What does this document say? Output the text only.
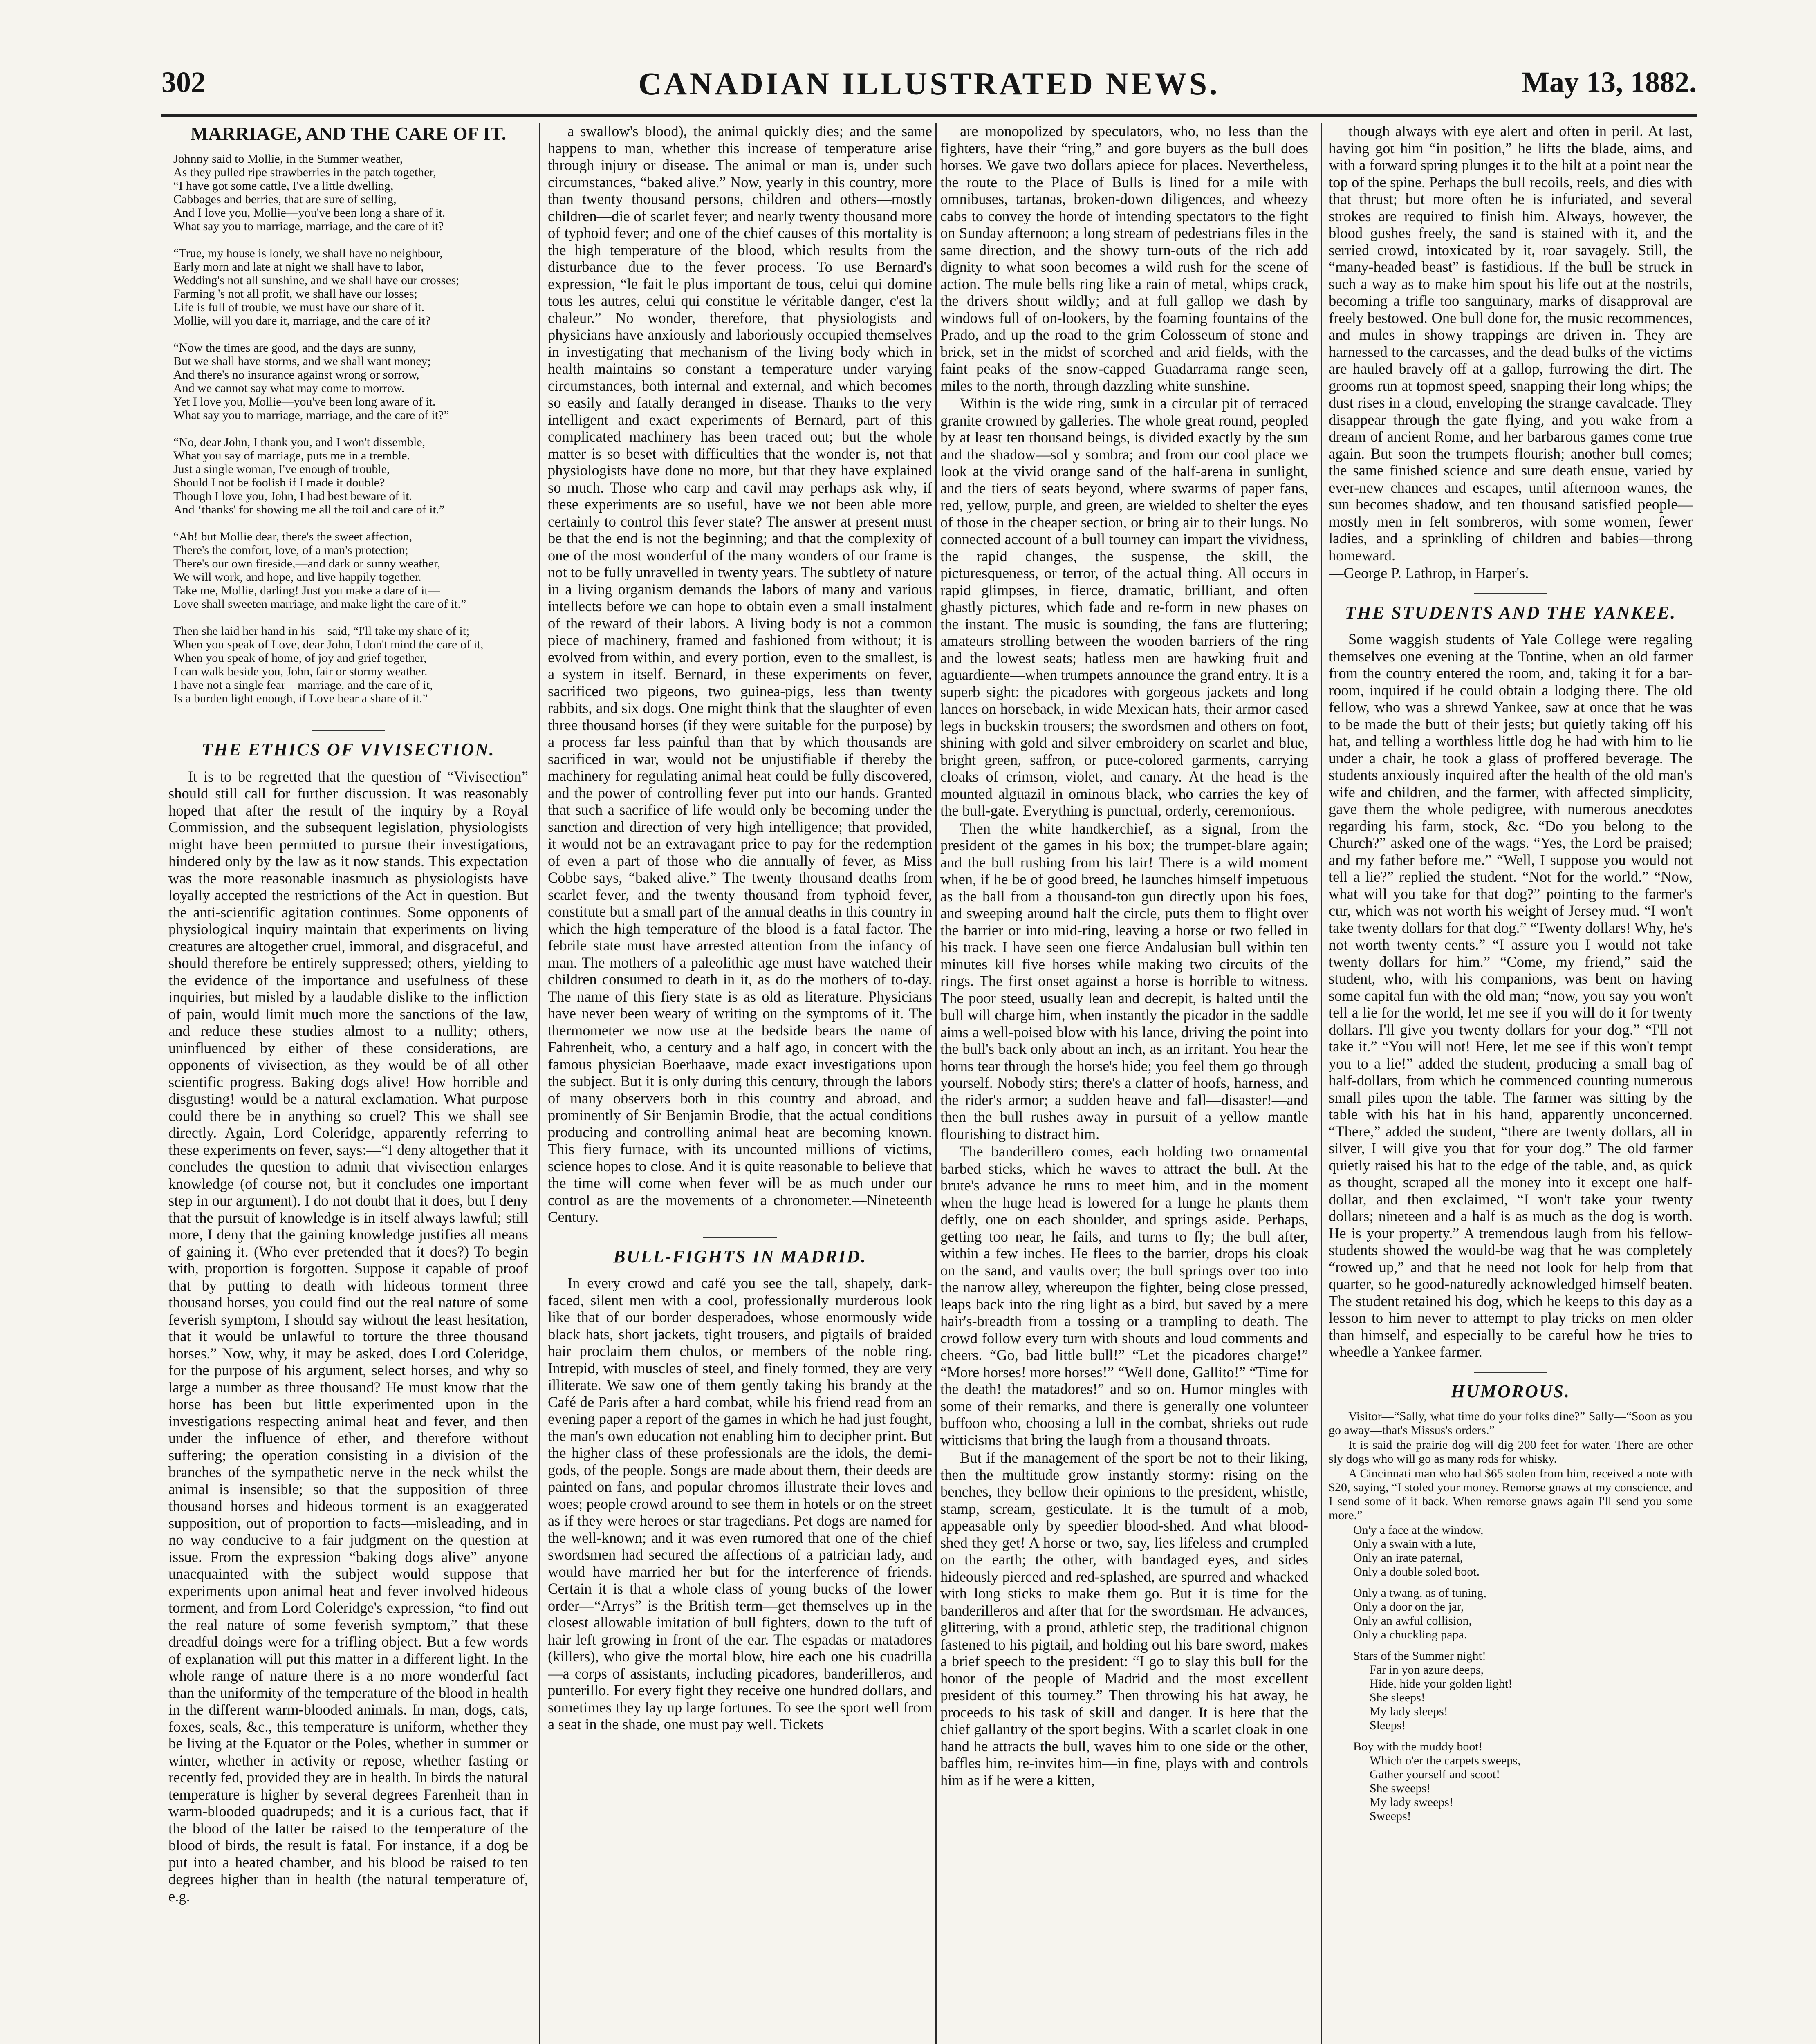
302	CANADIAN ILLUSTRATED NEWS.	May 13, 1882.
MARRIAGE, AND THE CARE OF IT.
Johnny said to Mollie, in the Summer weather,
As they pulled ripe strawberries in the patch together,
“I have got some cattle, I've a little dwelling,
Cabbages and berries, that are sure of selling,
And I love you, Mollie—you've been long a share of it.
What say you to marriage, marriage, and the care of it?

“True, my house is lonely, we shall have no neighbour,
Early morn and late at night we shall have to labor,
Wedding's not all sunshine, and we shall have our crosses;
Farming 's not all profit, we shall have our losses;
Life is full of trouble, we must have our share of it.
Mollie, will you dare it, marriage, and the care of it?

“Now the times are good, and the days are sunny,
But we shall have storms, and we shall want money;
And there's no insurance against wrong or sorrow,
And we cannot say what may come to morrow.
Yet I love you, Mollie—you've been long aware of it.
What say you to marriage, marriage, and the care of it?”

“No, dear John, I thank you, and I won't dissemble,
What you say of marriage, puts me in a tremble.
Just a single woman, I've enough of trouble,
Should I not be foolish if I made it double?
Though I love you, John, I had best beware of it.
And ‘thanks' for showing me all the toil and care of it.”

“Ah! but Mollie dear, there's the sweet affection,
There's the comfort, love, of a man's protection;
There's our own fireside,—and dark or sunny weather,
We will work, and hope, and live happily together.
Take me, Mollie, darling! Just you make a dare of it—
Love shall sweeten marriage, and make light the care of it.”

Then she laid her hand in his—said, “I'll take my share of it;
When you speak of Love, dear John, I don't mind the care of it,
When you speak of home, of joy and grief together,
I can walk beside you, John, fair or stormy weather.
I have not a single fear—marriage, and the care of it,
Is a burden light enough, if Love bear a share of it.”

THE ETHICS OF VIVISECTION.

It is to be regretted that the question of “Vivisection” should still call for further discussion. It was reasonably hoped that after the result of the inquiry by a Royal Commission, and the subsequent legislation, physiologists might have been permitted to pursue their investigations, hindered only by the law as it now stands. This expectation was the more reasonable inasmuch as physiologists have loyally accepted the restrictions of the Act in question. But the anti-scientific agitation continues. Some opponents of physiological inquiry maintain that experiments on living creatures are altogether cruel, immoral, and disgraceful, and should therefore be entirely suppressed; others, yielding to the evidence of the importance and usefulness of these inquiries, but misled by a laudable dislike to the infliction of pain, would limit much more the sanctions of the law, and reduce these studies almost to a nullity; others, uninfluenced by either of these considerations, are opponents of vivisection, as they would be of all other scientific progress. Baking dogs alive! How horrible and disgusting! would be a natural exclamation. What purpose could there be in anything so cruel? This we shall see directly. Again, Lord Coleridge, apparently referring to these experiments on fever, says:—“I deny altogether that it concludes the question to admit that vivisection enlarges knowledge (of course not, but it concludes one important step in our argument). I do not doubt that it does, but I deny that the pursuit of knowledge is in itself always lawful; still more, I deny that the gaining knowledge justifies all means of gaining it. (Who ever pretended that it does?) To begin with, proportion is forgotten. Suppose it capable of proof that by putting to death with hideous torment three thousand horses, you could find out the real nature of some feverish symptom, I should say without the least hesitation, that it would be unlawful to torture the three thousand horses.” Now, why, it may be asked, does Lord Coleridge, for the purpose of his argument, select horses, and why so large a number as three thousand? He must know that the horse has been but little experimented upon in the investigations respecting animal heat and fever, and then under the influence of ether, and therefore without suffering; the operation consisting in a division of the branches of the sympathetic nerve in the neck whilst the animal is insensible; so that the supposition of three thousand horses and hideous torment is an exaggerated supposition, out of proportion to facts—misleading, and in no way conducive to a fair judgment on the question at issue. From the expression “baking dogs alive” anyone unacquainted with the subject would suppose that experiments upon animal heat and fever involved hideous torment, and from Lord Coleridge's expression, “to find out the real nature of some feverish symptom,” that these dreadful doings were for a trifling object. But a few words of explanation will put this matter in a different light. In the whole range of nature there is a no more wonderful fact than the uniformity of the temperature of the blood in health in the different warm-blooded animals. In man, dogs, cats, foxes, seals, &c., this temperature is uniform, whether they be living at the Equator or the Poles, whether in summer or winter, whether in activity or repose, whether fasting or recently fed, provided they are in health. In birds the natural temperature is higher by several degrees Farenheit than in warm-blooded quadrupeds; and it is a curious fact, that if the blood of the latter be raised to the temperature of the blood of birds, the result is fatal. For instance, if a dog be put into a heated chamber, and his blood be raised to ten degrees higher than in health (the natural temperature of, e.g.

a swallow's blood), the animal quickly dies; and the same happens to man, whether this increase of temperature arise through injury or disease. The animal or man is, under such circumstances, “baked alive.” Now, yearly in this country, more than twenty thousand persons, children and others—mostly children—die of scarlet fever; and nearly twenty thousand more of typhoid fever; and one of the chief causes of this mortality is the high temperature of the blood, which results from the disturbance due to the fever process. To use Bernard's expression, “le fait le plus important de tous, celui qui domine tous les autres, celui qui constitue le véritable danger, c'est la chaleur.” No wonder, therefore, that physiologists and physicians have anxiously and laboriously occupied themselves in investigating that mechanism of the living body which in health maintains so constant a temperature under varying circumstances, both internal and external, and which becomes so easily and fatally deranged in disease. Thanks to the very intelligent and exact experiments of Bernard, part of this complicated machinery has been traced out; but the whole matter is so beset with difficulties that the wonder is, not that physiologists have done no more, but that they have explained so much. Those who carp and cavil may perhaps ask why, if these experiments are so useful, have we not been able more certainly to control this fever state? The answer at present must be that the end is not the beginning; and that the complexity of one of the most wonderful of the many wonders of our frame is not to be fully unravelled in twenty years. The subtlety of nature in a living organism demands the labors of many and various intellects before we can hope to obtain even a small instalment of the reward of their labors. A living body is not a common piece of machinery, framed and fashioned from without; it is evolved from within, and every portion, even to the smallest, is a system in itself. Bernard, in these experiments on fever, sacrificed two pigeons, two guinea-pigs, less than twenty rabbits, and six dogs. One might think that the slaughter of even three thousand horses (if they were suitable for the purpose) by a process far less painful than that by which thousands are sacrificed in war, would not be unjustifiable if thereby the machinery for regulating animal heat could be fully discovered, and the power of controlling fever put into our hands. Granted that such a sacrifice of life would only be becoming under the sanction and direction of very high intelligence; that provided, it would not be an extravagant price to pay for the redemption of even a part of those who die annually of fever, as Miss Cobbe says, “baked alive.” The twenty thousand deaths from scarlet fever, and the twenty thousand from typhoid fever, constitute but a small part of the annual deaths in this country in which the high temperature of the blood is a fatal factor. The febrile state must have arrested attention from the infancy of man. The mothers of a paleolithic age must have watched their children consumed to death in it, as do the mothers of to-day. The name of this fiery state is as old as literature. Physicians have never been weary of writing on the symptoms of it. The thermometer we now use at the bedside bears the name of Fahrenheit, who, a century and a half ago, in concert with the famous physician Boerhaave, made exact investigations upon the subject. But it is only during this century, through the labors of many observers both in this country and abroad, and prominently of Sir Benjamin Brodie, that the actual conditions producing and controlling animal heat are becoming known. This fiery furnace, with its uncounted millions of victims, science hopes to close. And it is quite reasonable to believe that the time will come when fever will be as much under our control as are the movements of a chronometer.—Nineteenth Century.

BULL-FIGHTS IN MADRID.

In every crowd and café you see the tall, shapely, dark-faced, silent men with a cool, professionally murderous look like that of our border desperadoes, whose enormously wide black hats, short jackets, tight trousers, and pigtails of braided hair proclaim them chulos, or members of the noble ring. Intrepid, with muscles of steel, and finely formed, they are very illiterate. We saw one of them gently taking his brandy at the Café de Paris after a hard combat, while his friend read from an evening paper a report of the games in which he had just fought, the man's own education not enabling him to decipher print. But the higher class of these professionals are the idols, the demi-gods, of the people. Songs are made about them, their deeds are painted on fans, and popular chromos illustrate their loves and woes; people crowd around to see them in hotels or on the street as if they were heroes or star tragedians. Pet dogs are named for the well-known; and it was even rumored that one of the chief swordsmen had secured the affections of a patrician lady, and would have married her but for the interference of friends. Certain it is that a whole class of young bucks of the lower order—“Arrys” is the British term—get themselves up in the closest allowable imitation of bull fighters, down to the tuft of hair left growing in front of the ear. The espadas or matadores (killers), who give the mortal blow, hire each one his cuadrilla—a corps of assistants, including picadores, banderilleros, and punterillo. For every fight they receive one hundred dollars, and sometimes they lay up large fortunes. To see the sport well from a seat in the shade, one must pay well. Tickets

are monopolized by speculators, who, no less than the fighters, have their “ring,” and gore buyers as the bull does horses. We gave two dollars apiece for places. Nevertheless, the route to the Place of Bulls is lined for a mile with omnibuses, tartanas, broken-down diligences, and wheezy cabs to convey the horde of intending spectators to the fight on Sunday afternoon; a long stream of pedestrians files in the same direction, and the showy turn-outs of the rich add dignity to what soon becomes a wild rush for the scene of action. The mule bells ring like a rain of metal, whips crack, the drivers shout wildly; and at full gallop we dash by windows full of on-lookers, by the foaming fountains of the Prado, and up the road to the grim Colosseum of stone and brick, set in the midst of scorched and arid fields, with the faint peaks of the snow-capped Guadarrama range seen, miles to the north, through dazzling white sunshine.

Within is the wide ring, sunk in a circular pit of terraced granite crowned by galleries. The whole great round, peopled by at least ten thousand beings, is divided exactly by the sun and the shadow—sol y sombra; and from our cool place we look at the vivid orange sand of the half-arena in sunlight, and the tiers of seats beyond, where swarms of paper fans, red, yellow, purple, and green, are wielded to shelter the eyes of those in the cheaper section, or bring air to their lungs. No connected account of a bull tourney can impart the vividness, the rapid changes, the suspense, the skill, the picturesqueness, or terror, of the actual thing. All occurs in rapid glimpses, in fierce, dramatic, brilliant, and often ghastly pictures, which fade and re-form in new phases on the instant. The music is sounding, the fans are fluttering; amateurs strolling between the wooden barriers of the ring and the lowest seats; hatless men are hawking fruit and aguardiente—when trumpets announce the grand entry. It is a superb sight: the picadores with gorgeous jackets and long lances on horseback, in wide Mexican hats, their armor cased legs in buckskin trousers; the swordsmen and others on foot, shining with gold and silver embroidery on scarlet and blue, bright green, saffron, or puce-colored garments, carrying cloaks of crimson, violet, and canary. At the head is the mounted alguazil in ominous black, who carries the key of the bull-gate. Everything is punctual, orderly, ceremonious.

Then the white handkerchief, as a signal, from the president of the games in his box; the trumpet-blare again; and the bull rushing from his lair! There is a wild moment when, if he be of good breed, he launches himself impetuous as the ball from a thousand-ton gun directly upon his foes, and sweeping around half the circle, puts them to flight over the barrier or into mid-ring, leaving a horse or two felled in his track. I have seen one fierce Andalusian bull within ten minutes kill five horses while making two circuits of the rings. The first onset against a horse is horrible to witness. The poor steed, usually lean and decrepit, is halted until the bull will charge him, when instantly the picador in the saddle aims a well-poised blow with his lance, driving the point into the bull's back only about an inch, as an irritant. You hear the horns tear through the horse's hide; you feel them go through yourself. Nobody stirs; there's a clatter of hoofs, harness, and the rider's armor; a sudden heave and fall—disaster!—and then the bull rushes away in pursuit of a yellow mantle flourishing to distract him.

The banderillero comes, each holding two ornamental barbed sticks, which he waves to attract the bull. At the brute's advance he runs to meet him, and in the moment when the huge head is lowered for a lunge he plants them deftly, one on each shoulder, and springs aside. Perhaps, getting too near, he fails, and turns to fly; the bull after, within a few inches. He flees to the barrier, drops his cloak on the sand, and vaults over; the bull springs over too into the narrow alley, whereupon the fighter, being close pressed, leaps back into the ring light as a bird, but saved by a mere hair's-breadth from a tossing or a trampling to death. The crowd follow every turn with shouts and loud comments and cheers. “Go, bad little bull!” “Let the picadores charge!” “More horses! more horses!” “Well done, Gallito!” “Time for the death! the matadores!” and so on. Humor mingles with some of their remarks, and there is generally one volunteer buffoon who, choosing a lull in the combat, shrieks out rude witticisms that bring the laugh from a thousand throats.

But if the management of the sport be not to their liking, then the multitude grow instantly stormy: rising on the benches, they bellow their opinions to the president, whistle, stamp, scream, gesticulate. It is the tumult of a mob, appeasable only by speedier blood-shed. And what blood-shed they get! A horse or two, say, lies lifeless and crumpled on the earth; the other, with bandaged eyes, and sides hideously pierced and red-splashed, are spurred and whacked with long sticks to make them go. But it is time for the banderilleros and after that for the swordsman. He advances, glittering, with a proud, athletic step, the traditional chignon fastened to his pigtail, and holding out his bare sword, makes a brief speech to the president: “I go to slay this bull for the honor of the people of Madrid and the most excellent president of this tourney.” Then throwing his hat away, he proceeds to his task of skill and danger. It is here that the chief gallantry of the sport begins. With a scarlet cloak in one hand he attracts the bull, waves him to one side or the other, baffles him, re-invites him—in fine, plays with and controls him as if he were a kitten,

though always with eye alert and often in peril. At last, having got him “in position,” he lifts the blade, aims, and with a forward spring plunges it to the hilt at a point near the top of the spine. Perhaps the bull recoils, reels, and dies with that thrust; but more often he is infuriated, and several strokes are required to finish him. Always, however, the blood gushes freely, the sand is stained with it, and the serried crowd, intoxicated by it, roar savagely. Still, the “many-headed beast” is fastidious. If the bull be struck in such a way as to make him spout his life out at the nostrils, becoming a trifle too sanguinary, marks of disapproval are freely bestowed. One bull done for, the music recommences, and mules in showy trappings are driven in. They are harnessed to the carcasses, and the dead bulks of the victims are hauled bravely off at a gallop, furrowing the dirt. The grooms run at topmost speed, snapping their long whips; the dust rises in a cloud, enveloping the strange cavalcade. They disappear through the gate flying, and you wake from a dream of ancient Rome, and her barbarous games come true again. But soon the trumpets flourish; another bull comes; the same finished science and sure death ensue, varied by ever-new chances and escapes, until afternoon wanes, the sun becomes shadow, and ten thousand satisfied people—mostly men in felt sombreros, with some women, fewer ladies, and a sprinkling of children and babies—throng homeward.

—George P. Lathrop, in Harper's.

THE STUDENTS AND THE YANKEE.

Some waggish students of Yale College were regaling themselves one evening at the Tontine, when an old farmer from the country entered the room, and, taking it for a bar-room, inquired if he could obtain a lodging there. The old fellow, who was a shrewd Yankee, saw at once that he was to be made the butt of their jests; but quietly taking off his hat, and telling a worthless little dog he had with him to lie under a chair, he took a glass of proffered beverage. The students anxiously inquired after the health of the old man's wife and children, and the farmer, with affected simplicity, gave them the whole pedigree, with numerous anecdotes regarding his farm, stock, &c. “Do you belong to the Church?” asked one of the wags. “Yes, the Lord be praised; and my father before me.” “Well, I suppose you would not tell a lie?” replied the student. “Not for the world.” “Now, what will you take for that dog?” pointing to the farmer's cur, which was not worth his weight of Jersey mud. “I won't take twenty dollars for that dog.” “Twenty dollars! Why, he's not worth twenty cents.” “I assure you I would not take twenty dollars for him.” “Come, my friend,” said the student, who, with his companions, was bent on having some capital fun with the old man; “now, you say you won't tell a lie for the world, let me see if you will do it for twenty dollars. I'll give you twenty dollars for your dog.” “I'll not take it.” “You will not! Here, let me see if this won't tempt you to a lie!” added the student, producing a small bag of half-dollars, from which he commenced counting numerous small piles upon the table. The farmer was sitting by the table with his hat in his hand, apparently unconcerned. “There,” added the student, “there are twenty dollars, all in silver, I will give you that for your dog.” The old farmer quietly raised his hat to the edge of the table, and, as quick as thought, scraped all the money into it except one half-dollar, and then exclaimed, “I won't take your twenty dollars; nineteen and a half is as much as the dog is worth. He is your property.” A tremendous laugh from his fellow-students showed the would-be wag that he was completely “rowed up,” and that he need not look for help from that quarter, so he good-naturedly acknowledged himself beaten. The student retained his dog, which he keeps to this day as a lesson to him never to attempt to play tricks on men older than himself, and especially to be careful how he tries to wheedle a Yankee farmer.

HUMOROUS.

Visitor—“Sally, what time do your folks dine?” Sally—“Soon as you go away—that's Missus's orders.”

It is said the prairie dog will dig 200 feet for water. There are other sly dogs who will go as many rods for whisky.

A Cincinnati man who had $65 stolen from him, received a note with $20, saying, “I stoled your money. Remorse gnaws at my conscience, and I send some of it back. When remorse gnaws again I'll send you some more.”

On'y a face at the window,
Only a swain with a lute,
Only an irate paternal,
Only a double soled boot.
Only a twang, as of tuning,
Only a door on the jar,
Only an awful collision,
Only a chuckling papa.
Stars of the Summer night!
Far in yon azure deeps,
Hide, hide your golden light!
She sleeps!
My lady sleeps!
Sleeps!
Boy with the muddy boot!
Which o'er the carpets sweeps,
Gather yourself and scoot!
She sweeps!
My lady sweeps!
Sweeps!
